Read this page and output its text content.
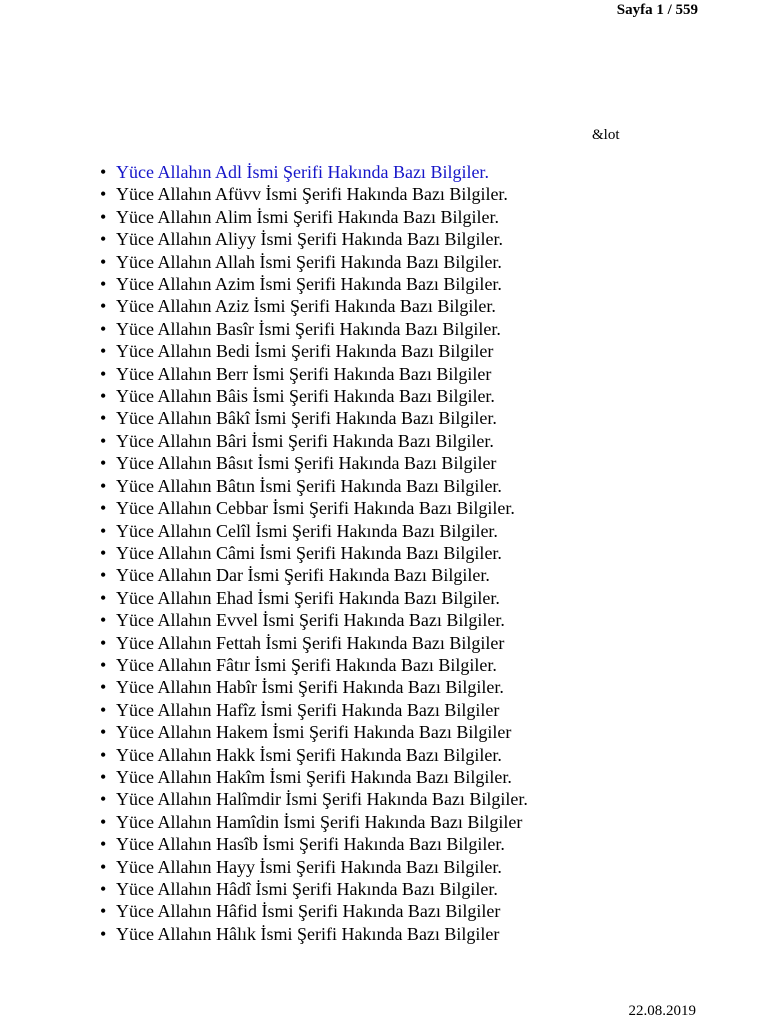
Sayfa 1 / 559
&lot
• Yüce Allahın Adl İsmi Şerifi Hakında Bazı Bilgiler.
• Yüce Allahın Afüvv İsmi Şerifi Hakında Bazı Bilgiler.
• Yüce Allahın Alim İsmi Şerifi Hakında Bazı Bilgiler.
• Yüce Allahın Aliyy İsmi Şerifi Hakında Bazı Bilgiler.
• Yüce Allahın Allah İsmi Şerifi Hakında Bazı Bilgiler.
• Yüce Allahın Azim İsmi Şerifi Hakında Bazı Bilgiler.
• Yüce Allahın Aziz İsmi Şerifi Hakında Bazı Bilgiler.
• Yüce Allahın Basîr İsmi Şerifi Hakında Bazı Bilgiler.
• Yüce Allahın Bedi İsmi Şerifi Hakında Bazı Bilgiler
• Yüce Allahın Berr İsmi Şerifi Hakında Bazı Bilgiler
• Yüce Allahın Bâis İsmi Şerifi Hakında Bazı Bilgiler.
• Yüce Allahın Bâkî İsmi Şerifi Hakında Bazı Bilgiler.
• Yüce Allahın Bâri İsmi Şerifi Hakında Bazı Bilgiler.
• Yüce Allahın Bâsıt İsmi Şerifi Hakında Bazı Bilgiler
• Yüce Allahın Bâtın İsmi Şerifi Hakında Bazı Bilgiler.
• Yüce Allahın Cebbar İsmi Şerifi Hakında Bazı Bilgiler.
• Yüce Allahın Celîl İsmi Şerifi Hakında Bazı Bilgiler.
• Yüce Allahın Câmi İsmi Şerifi Hakında Bazı Bilgiler.
• Yüce Allahın Dar İsmi Şerifi Hakında Bazı Bilgiler.
• Yüce Allahın Ehad İsmi Şerifi Hakında Bazı Bilgiler.
• Yüce Allahın Evvel İsmi Şerifi Hakında Bazı Bilgiler.
• Yüce Allahın Fettah İsmi Şerifi Hakında Bazı Bilgiler
• Yüce Allahın Fâtır İsmi Şerifi Hakında Bazı Bilgiler.
• Yüce Allahın Habîr İsmi Şerifi Hakında Bazı Bilgiler.
• Yüce Allahın Hafîz İsmi Şerifi Hakında Bazı Bilgiler
• Yüce Allahın Hakem İsmi Şerifi Hakında Bazı Bilgiler
• Yüce Allahın Hakk İsmi Şerifi Hakında Bazı Bilgiler.
• Yüce Allahın Hakîm İsmi Şerifi Hakında Bazı Bilgiler.
• Yüce Allahın Halîmdir İsmi Şerifi Hakında Bazı Bilgiler.
• Yüce Allahın Hamîdin İsmi Şerifi Hakında Bazı Bilgiler
• Yüce Allahın Hasîb İsmi Şerifi Hakında Bazı Bilgiler.
• Yüce Allahın Hayy İsmi Şerifi Hakında Bazı Bilgiler.
• Yüce Allahın Hâdî İsmi Şerifi Hakında Bazı Bilgiler.
• Yüce Allahın Hâfid İsmi Şerifi Hakında Bazı Bilgiler
• Yüce Allahın Hâlık İsmi Şerifi Hakında Bazı Bilgiler
22.08.2019
